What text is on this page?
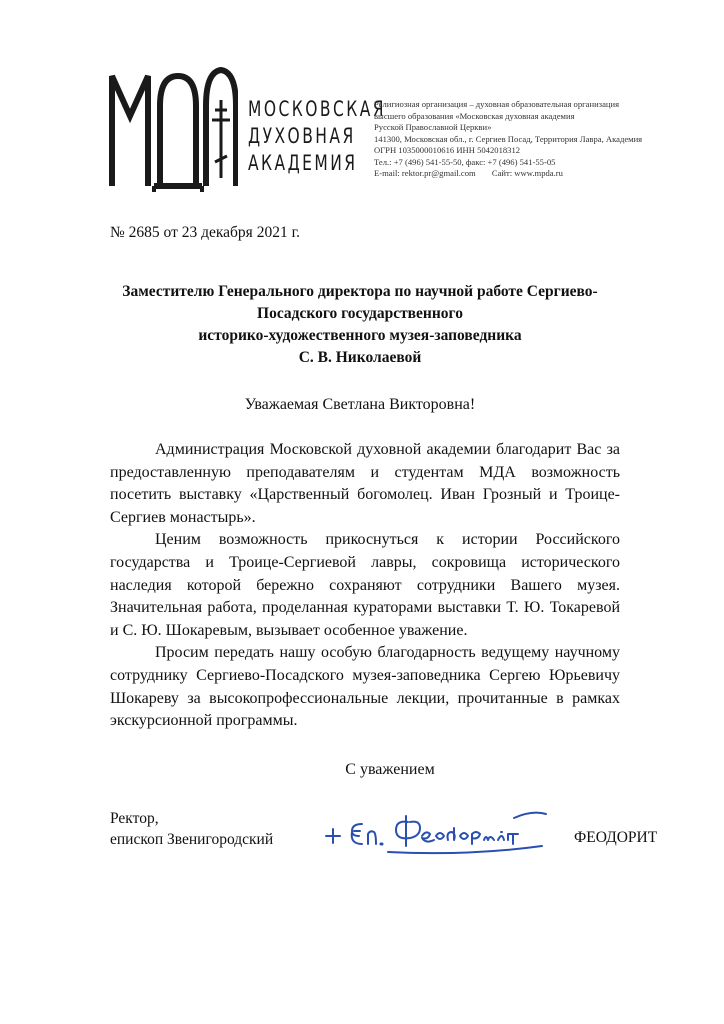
МОСКОВСКАЯ
ДУХОВНАЯ
АКАДЕМИЯ
Религиозная организация – духовная образовательная организация
высшего образования «Московская духовная академия
Русской Православной Церкви»
141300, Московская обл., г. Сергиев Посад, Территория Лавра, Академия
ОГРН 1035000010616 ИНН 5042018312
Тел.: +7 (496) 541-55-50, факс: +7 (496) 541-55-05
E-mail: rektor.pr@gmail.com Сайт: www.mpda.ru
№ 2685 от 23 декабря 2021 г.
Заместителю Генерального директора по научной работе Сергиево-
Посадского государственного
историко-художественного музея-заповедника
С. В. Николаевой
Уважаемая Светлана Викторовна!

Администрация Московской духовной академии благодарит Вас за предоставленную преподавателям и студентам МДА возможность посетить выставку «Царственный богомолец. Иван Грозный и Троице-Сергиев монастырь».

Ценим возможность прикоснуться к истории Российского государства и Троице-Сергиевой лавры, сокровища исторического наследия которой бережно сохраняют сотрудники Вашего музея. Значительная работа, проделанная кураторами выставки Т. Ю. Токаревой и С. Ю. Шокаревым, вызывает особенное уважение.

Просим передать нашу особую благодарность ведущему научному сотруднику Сергиево-Посадского музея-заповедника Сергею Юрьевичу Шокареву за высокопрофессиональные лекции, прочитанные в рамках экскурсионной программы.

С уважением
Ректор,
епископ Звенигородский	ФЕОДОРИТ
